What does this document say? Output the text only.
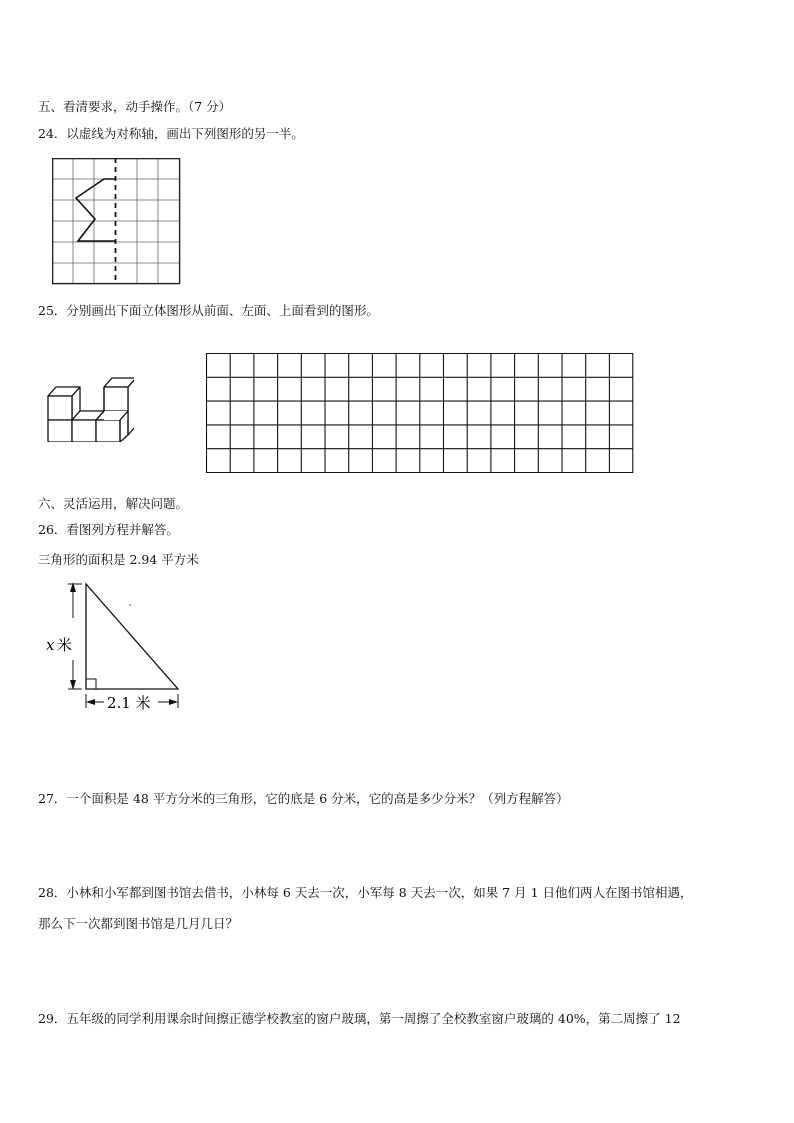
五、看清要求，动手操作。（7 分）
24．以虚线为对称轴，画出下列图形的另一半。
25．分别画出下面立体图形从前面、左面、上面看到的图形。
六、灵活运用，解决问题。
26．看图列方程并解答。
三角形的面积是 2.94 平方米
x 米
2.1 米
27．一个面积是 48 平方分米的三角形，它的底是 6 分米，它的高是多少分米？（列方程解答）
28．小林和小军都到图书馆去借书，小林每 6 天去一次，小军每 8 天去一次，如果 7 月 1 日他们两人在图书馆相遇，
那么下一次都到图书馆是几月几日？
29．五年级的同学利用课余时间擦正德学校教室的窗户玻璃，第一周擦了全校教室窗户玻璃的 40%，第二周擦了 12
